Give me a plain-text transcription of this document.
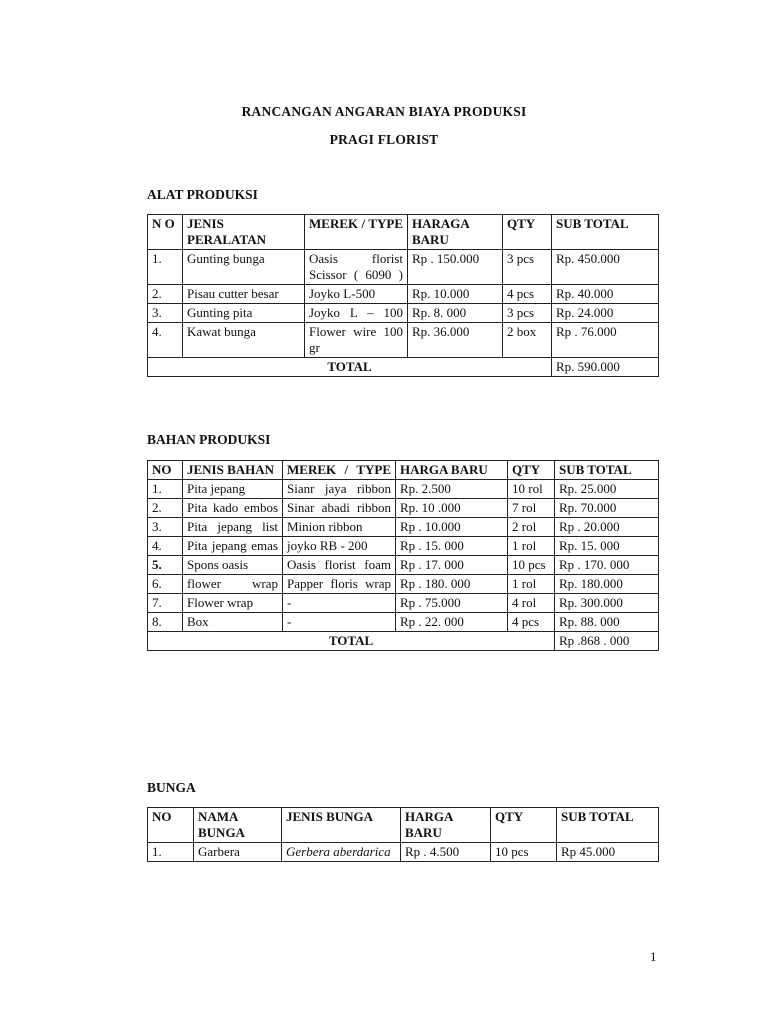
RANCANGAN ANGARAN BIAYA PRODUKSI
PRAGI FLORIST
ALAT PRODUKSI
N O	JENIS PERALATAN	MEREK / TYPE	HARAGA BARU	QTY	SUB TOTAL
1.	Gunting bunga	Oasis florist Scissor ( 6090 )	Rp . 150.000	3 pcs	Rp. 450.000
2.	Pisau cutter besar	Joyko L-500	Rp. 10.000	4 pcs	Rp. 40.000
3.	Gunting pita	Joyko L – 100	Rp. 8. 000	3 pcs	Rp. 24.000
4.	Kawat bunga	Flower wire 100 gr	Rp. 36.000	2 box	Rp . 76.000
TOTAL					Rp. 590.000
BAHAN PRODUKSI
NO	JENIS BAHAN	MEREK / TYPE	HARGA BARU	QTY	SUB TOTAL
1.	Pita jepang	Sianr jaya ribbon	Rp. 2.500	10 rol	Rp. 25.000
2.	Pita kado embos	Sinar abadi ribbon	Rp. 10 .000	7 rol	Rp. 70.000
3.	Pita jepang list	Minion ribbon	Rp . 10.000	2 rol	Rp . 20.000
4.	Pita jepang emas	joyko RB - 200	Rp . 15. 000	1 rol	Rp. 15. 000
5.	Spons oasis	Oasis florist foam	Rp . 17. 000	10 pcs	Rp . 170. 000
6.	flower wrap	Papper floris wrap	Rp . 180. 000	1 rol	Rp. 180.000
7.	Flower wrap	-	Rp . 75.000	4 rol	Rp. 300.000
8.	Box	-	Rp . 22. 000	4 pcs	Rp. 88. 000
TOTAL					Rp .868 . 000
BUNGA
NO	NAMA BUNGA	JENIS BUNGA	HARGA BARU	QTY	SUB TOTAL
1.	Garbera	Gerbera aberdarica	Rp . 4.500	10 pcs	Rp 45.000
1
